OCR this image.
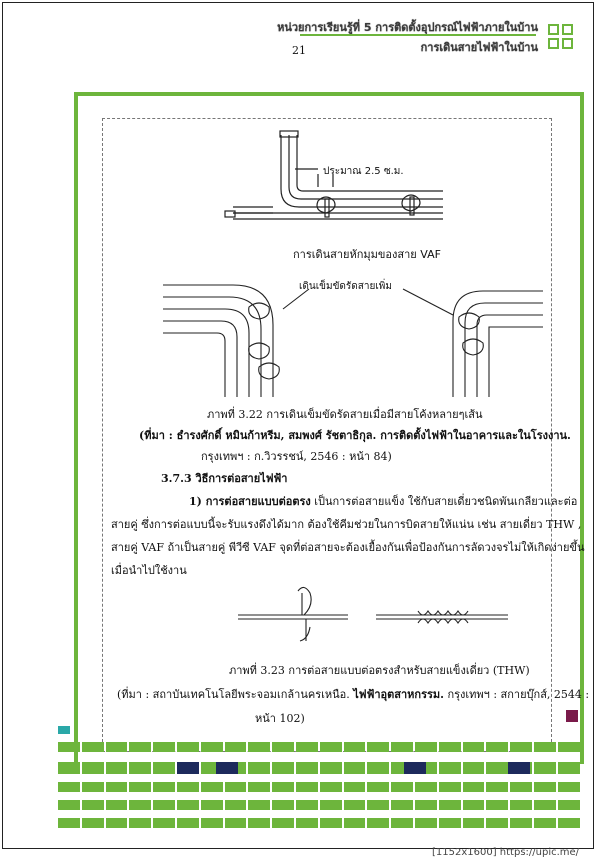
หน่วยการเรียนรู้ที่ 5 การติดตั้งอุปกรณ์ไฟฟ้าภายในบ้าน
การเดินสายไฟฟ้าในบ้าน
21
ประมาณ 2.5 ซ.ม.
การเดินสายหักมุมของสาย VAF
เดินเข็มขัดรัดสายเพิ่ม
ภาพที่ 3.22 การเดินเข็มขัดรัดสายเมื่อมีสายโค้งหลายๆเส้น
(ที่มา : ธำรงศักดิ์ หมินก้าหรีม, สมพงศ์ รัชตาธิกุล. การติดตั้งไฟฟ้าในอาคารและในโรงงาน.
กรุงเทพฯ : ก.วิวรรชน์, 2546 : หน้า 84)
3.7.3 วิธีการต่อสายไฟฟ้า
1) การต่อสายแบบต่อตรง เป็นการต่อสายแข็ง ใช้กับสายเดี่ยวชนิดพันเกลียวและต่อ
สายคู่ ซึ่งการต่อแบบนี้จะรับแรงดึงได้มาก ต้องใช้คีมช่วยในการบิดสายให้แน่น เช่น สายเดี่ยว THW ,
สายคู่ VAF ถ้าเป็นสายคู่ พีวีซี VAF จุดที่ต่อสายจะต้องเยื้องกันเพื่อป้องกันการลัดวงจรไม่ให้เกิดง่ายขึ้น
เมื่อนำไปใช้งาน
ภาพที่ 3.23 การต่อสายแบบต่อตรงสำหรับสายแข็งเดี่ยว (THW)
(ที่มา : สถาบันเทคโนโลยีพระจอมเกล้านครเหนือ. ไฟฟ้าอุตสาหกรรม. กรุงเทพฯ : สกายบุ๊กส์, 2544 :
หน้า 102)
[1152x1600] https://upic.me/
